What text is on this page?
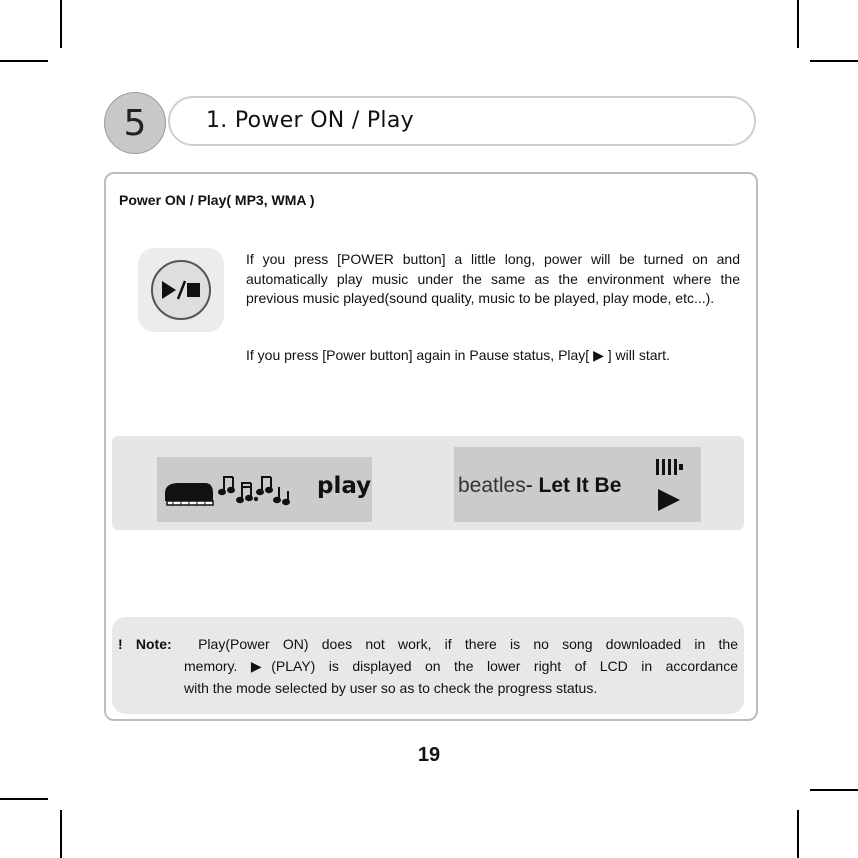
5	1. Power ON / Play
Power ON / Play( MP3, WMA )

If you press [POWER button] a little long, power will be turned on and automatically play music under the same as the environment where the previous music played(sound quality, music to be played, play mode, etc...).

If you press [Power button] again in Pause status, Play[ ▶ ] will start.

play	beatles- Let It Be

! Note: Play(Power ON) does not work, if there is no song downloaded in the

memory. ▶(PLAY) is displayed on the lower right of LCD in accordance

with the mode selected by user so as to check the progress status.

19
